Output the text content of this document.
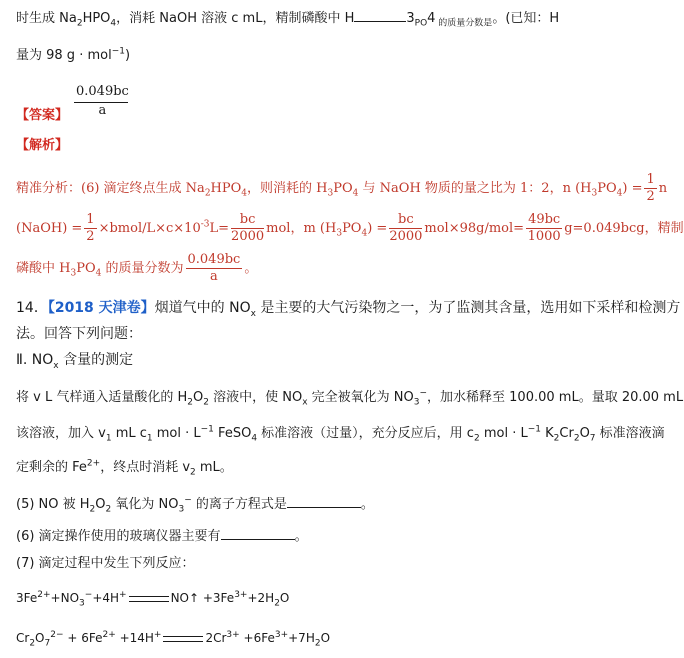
时生成 $Na_2HPO_4$，消耗 NaOH 溶液 c mL，精制磷酸中 H	$3_{PO}4$ $_{的质量分数是}$。(已知：H
量为 98 g · mol$^{-1}$)
$\frac{0.049bc}{a}$
【答案】
【解析】
精准分析：(6) 滴定终点生成 $Na_2HPO_4$，则消耗的 $H_3PO_4$ 与 NaOH 物质的量之比为 1：2，n $(H_3PO_4) = \frac{1}{2}$ n
(NaOH) = $\frac{1}{2}$ $\times bmol/L\times c\times 10^{-3}L= \frac{bc}{2000}$ mol，m $(H_3PO_4) = \frac{bc}{2000} mol\times 98g/mol= \frac{49bc}{1000} g=0.049bcg$，精制
磷酸中 $H_3PO_4$ 的质量分数为 $\frac{0.049bc}{a}$ 。
14．【2018 天津卷】烟道气中的 $NO_x$ 是主要的大气污染物之一，为了监测其含量，选用如下采样和检测方
法。回答下列问题：
Ⅱ. $NO_x$ 含量的测定
将 v L 气样通入适量酸化的 $H_2O_2$ 溶液中，使 $NO_x$ 完全被氧化为 $NO_3^-$，加水稀释至 100.00 mL。量取 20.00 mL
该溶液，加入 $v_1$ mL $c_1$ mol · $L^{-1}$ FeSO$_4$ 标准溶液（过量），充分反应后，用 $c_2$ mol · $L^{-1}$ $K_2Cr_2O_7$ 标准溶液滴
定剩余的 $Fe^{2+}$，终点时消耗 $v_2$ mL。
(5) NO 被 $H_2O_2$ 氧化为 $NO_3^-$ 的离子方程式是	。
(6) 滴定操作使用的玻璃仪器主要有	。
(7) 滴定过程中发生下列反应：
$3Fe^{2+}+NO_3^-+4H^+$	NO↑ $+3Fe^{3+}+2H_2O$
$Cr_2O_7^{2-} + 6Fe^{2+} +14H^+$	$2Cr^{3+} +6Fe^{3+}+7H_2O$
